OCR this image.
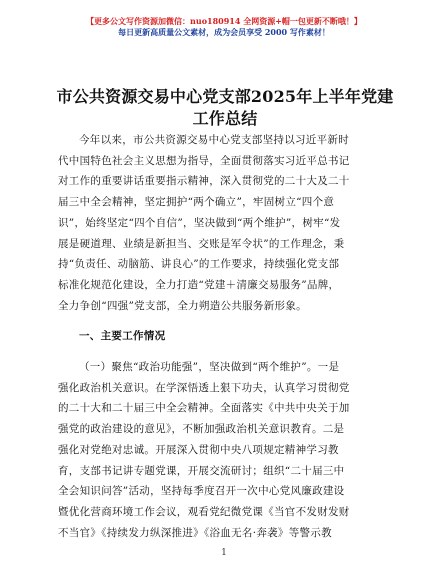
【更多公文写作资源加微信：nuo180914 全网资源+帽一包更新不断哦！】
每日更新高质量公文素材，成为会员享受 2000 写作素材！
市公共资源交易中心党支部2025年上半年党建
工作总结
今年以来，市公共资源交易中心党支部坚持以习近平新时
代中国特色社会主义思想为指导，全面贯彻落实习近平总书记
对工作的重要讲话重要指示精神，深入贯彻党的二十大及二十
届三中全会精神，坚定拥护“两个确立”，牢固树立“四个意
识”，始终坚定“四个自信”，坚决做到“两个维护”，树牢“发
展是硬道理、业绩是新担当、交账是军令状”的工作理念，秉
持“负责任、动脑筋、讲良心”的工作要求，持续强化党支部
标准化规范化建设，全力打造“党建＋清廉交易服务”品牌，
全力争创“四强”党支部，全力朔造公共服务新形象。
一、主要工作情况
（一）聚焦“政治功能强”，坚决做到“两个维护”。一是
强化政治机关意识。在学深悟透上狠下功夫，认真学习贯彻党
的二十大和二十届三中全会精神。全面落实《中共中央关于加
强党的政治建设的意见》，不断加强政治机关意识教育。二是
强化对党绝对忠诚。开展深入贯彻中央八项规定精神学习教
育，支部书记讲专题党课，开展交流研讨；组织“二十届三中
全会知识问答”活动，坚持每季度召开一次中心党风廉政建设
暨优化营商环境工作会议，观看党纪微党课《当官不发财发财
不当官》《持续发力纵深推进》《浴血无名·奔袭》等警示教
1
